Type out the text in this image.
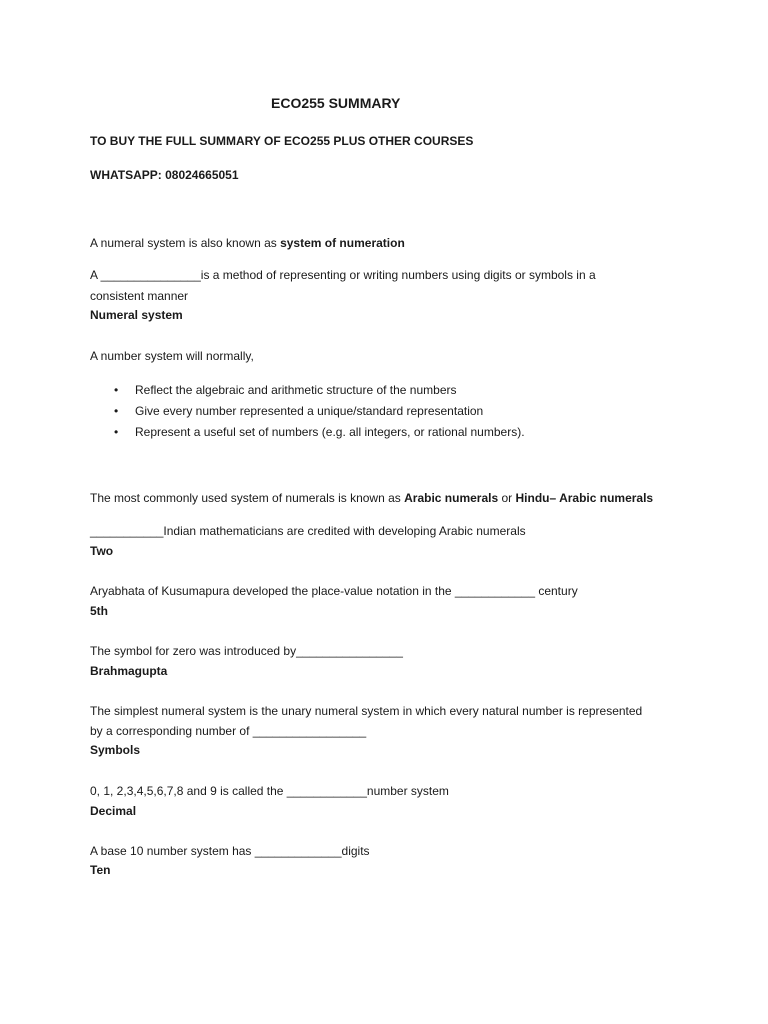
ECO255 SUMMARY
TO BUY THE FULL SUMMARY OF ECO255 PLUS OTHER COURSES
WHATSAPP: 08024665051
A numeral system is also known as system of numeration
A _______________is a method of representing or writing numbers using digits or symbols in a
consistent manner
Numeral system
A number system will normally,
• Reflect the algebraic and arithmetic structure of the numbers
• Give every number represented a unique/standard representation
• Represent a useful set of numbers (e.g. all integers, or rational numbers).
The most commonly used system of numerals is known as Arabic numerals or Hindu– Arabic numerals
___________Indian mathematicians are credited with developing Arabic numerals
Two
Aryabhata of Kusumapura developed the place-value notation in the ____________ century
5th
The symbol for zero was introduced by________________
Brahmagupta
The simplest numeral system is the unary numeral system in which every natural number is represented
by a corresponding number of _________________
Symbols
0, 1, 2,3,4,5,6,7,8 and 9 is called the ____________number system
Decimal
A base 10 number system has _____________digits
Ten
